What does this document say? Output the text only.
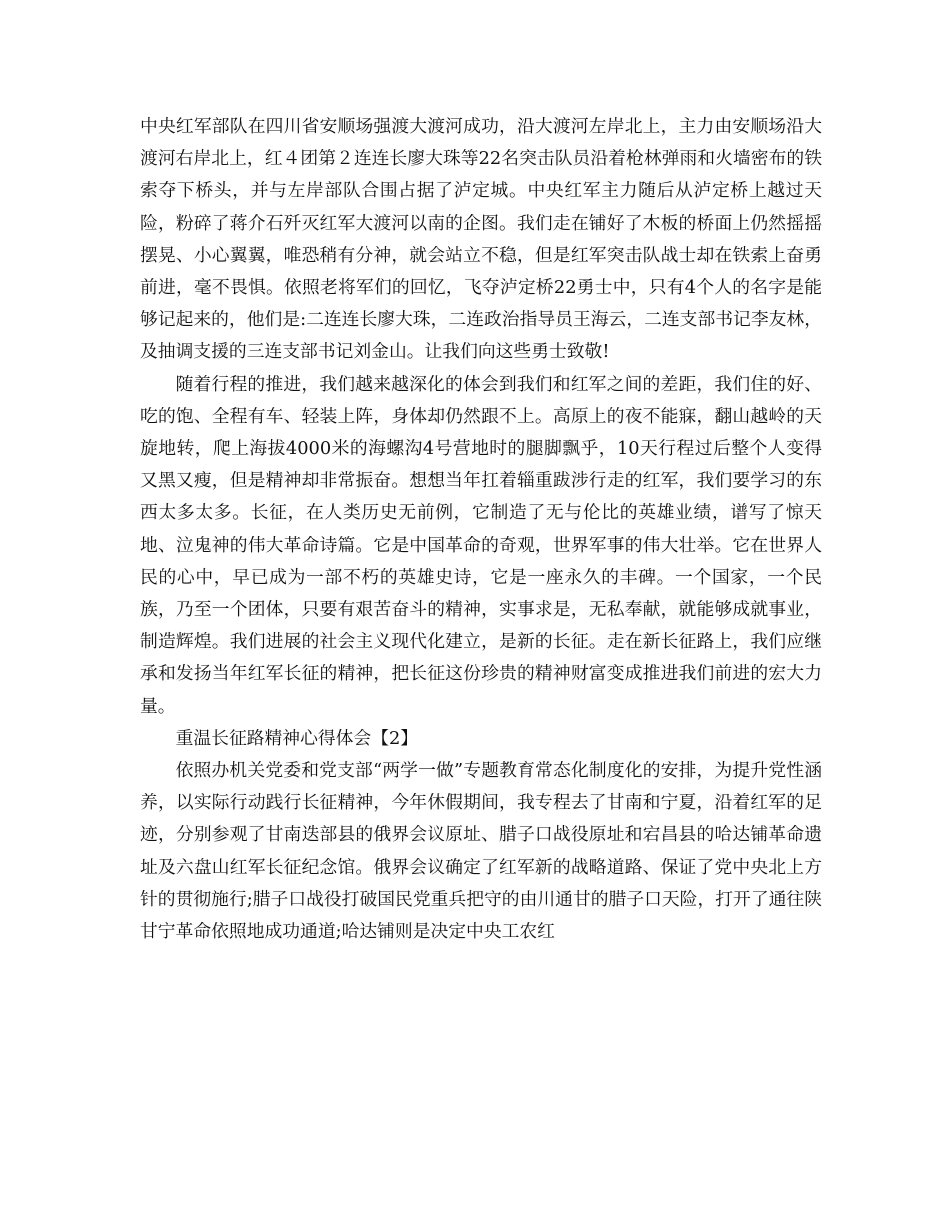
中央红军部队在四川省安顺场强渡大渡河成功，沿大渡河左岸北上，主力由安顺场沿大渡河右岸北上，红４团第２连连长廖大珠等22名突击队员沿着枪林弹雨和火墙密布的铁索夺下桥头，并与左岸部队合围占据了泸定城。中央红军主力随后从泸定桥上越过天险，粉碎了蒋介石歼灭红军大渡河以南的企图。我们走在铺好了木板的桥面上仍然摇摇摆晃、小心翼翼，唯恐稍有分神，就会站立不稳，但是红军突击队战士却在铁索上奋勇前进，毫不畏惧。依照老将军们的回忆，飞夺泸定桥22勇士中，只有4个人的名字是能够记起来的，他们是:二连连长廖大珠，二连政治指导员王海云，二连支部书记李友林，及抽调支援的三连支部书记刘金山。让我们向这些勇士致敬!

随着行程的推进，我们越来越深化的体会到我们和红军之间的差距，我们住的好、吃的饱、全程有车、轻装上阵，身体却仍然跟不上。高原上的夜不能寐，翻山越岭的天旋地转，爬上海拔4000米的海螺沟4号营地时的腿脚飘乎，10天行程过后整个人变得又黑又瘦，但是精神却非常振奋。想想当年扛着辎重跋涉行走的红军，我们要学习的东西太多太多。长征，在人类历史无前例，它制造了无与伦比的英雄业绩，谱写了惊天地、泣鬼神的伟大革命诗篇。它是中国革命的奇观，世界军事的伟大壮举。它在世界人民的心中，早已成为一部不朽的英雄史诗，它是一座永久的丰碑。一个国家，一个民族，乃至一个团体，只要有艰苦奋斗的精神，实事求是，无私奉献，就能够成就事业，制造辉煌。我们进展的社会主义现代化建立，是新的长征。走在新长征路上，我们应继承和发扬当年红军长征的精神，把长征这份珍贵的精神财富变成推进我们前进的宏大力量。

重温长征路精神心得体会【2】

依照办机关党委和党支部“两学一做”专题教育常态化制度化的安排，为提升党性涵养，以实际行动践行长征精神，今年休假期间，我专程去了甘南和宁夏，沿着红军的足迹，分别参观了甘南迭部县的俄界会议原址、腊子口战役原址和宕昌县的哈达铺革命遗址及六盘山红军长征纪念馆。俄界会议确定了红军新的战略道路、保证了党中央北上方针的贯彻施行;腊子口战役打破国民党重兵把守的由川通甘的腊子口天险，打开了通往陕甘宁革命依照地成功通道;哈达铺则是决定中央工农红
